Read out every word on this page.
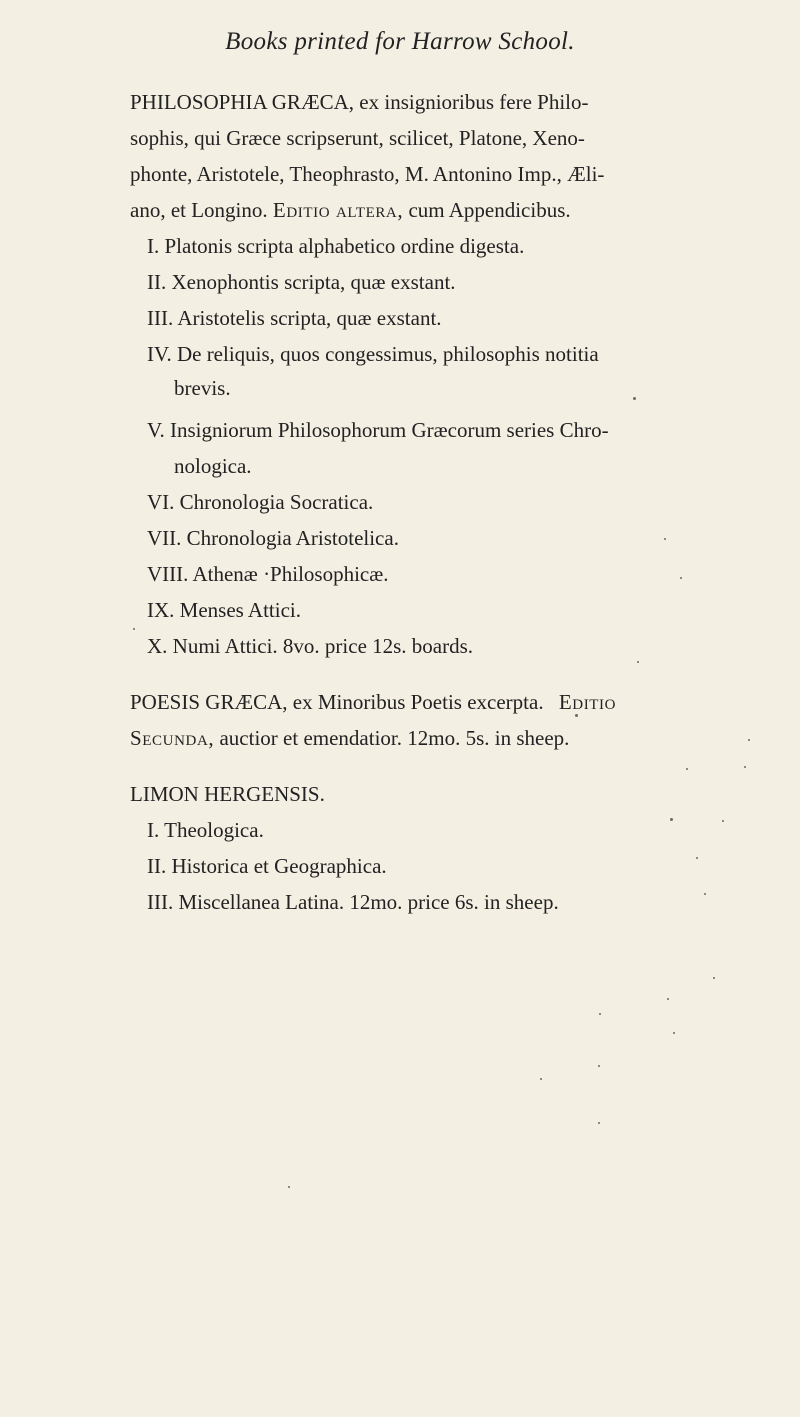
Books printed for Harrow School.
PHILOSOPHIA GRÆCA, ex insignioribus fere Philo-
sophis, qui Græce scripserunt, scilicet, Platone, Xeno-
phonte, Aristotele, Theophrasto, M. Antonino Imp., Æli-
ano, et Longino. Editio altera, cum Appendicibus.
I. Platonis scripta alphabetico ordine digesta.
II. Xenophontis scripta, quæ exstant.
III. Aristotelis scripta, quæ exstant.
IV. De reliquis, quos congessimus, philosophis notitia
brevis.
V. Insigniorum Philosophorum Græcorum series Chro-
nologica.
VI. Chronologia Socratica.
VII. Chronologia Aristotelica.
VIII. Athenæ ·Philosophicæ.
IX. Menses Attici.
X. Numi Attici. 8vo. price 12s. boards.
POESIS GRÆCA, ex Minoribus Poetis excerpta. Editio
Secunda, auctior et emendatior. 12mo. 5s. in sheep.
LIMON HERGENSIS.
I. Theologica.
II. Historica et Geographica.
III. Miscellanea Latina. 12mo. price 6s. in sheep.
